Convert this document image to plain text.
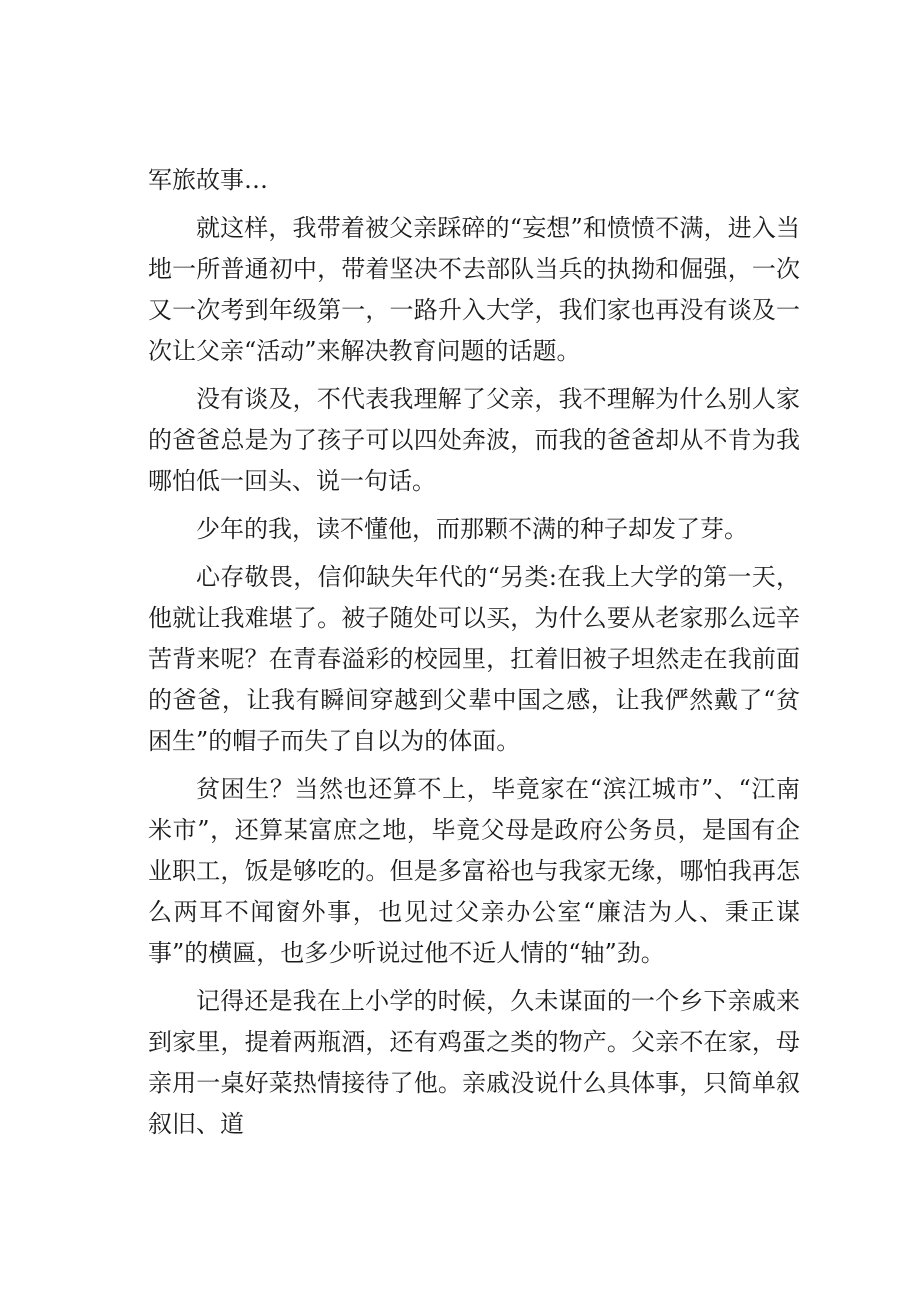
军旅故事…

就这样，我带着被父亲踩碎的“妄想”和愤愤不满，进入当地一所普通初中，带着坚决不去部队当兵的执拗和倔强，一次又一次考到年级第一，一路升入大学，我们家也再没有谈及一次让父亲“活动”来解决教育问题的话题。

没有谈及，不代表我理解了父亲，我不理解为什么别人家的爸爸总是为了孩子可以四处奔波，而我的爸爸却从不肯为我哪怕低一回头、说一句话。

少年的我，读不懂他，而那颗不满的种子却发了芽。

心存敬畏，信仰缺失年代的“另类:在我上大学的第一天，他就让我难堪了。被子随处可以买，为什么要从老家那么远辛苦背来呢？在青春溢彩的校园里，扛着旧被子坦然走在我前面的爸爸，让我有瞬间穿越到父辈中国之感，让我俨然戴了“贫困生”的帽子而失了自以为的体面。

贫困生？当然也还算不上，毕竟家在“滨江城市”、“江南米市”，还算某富庶之地，毕竟父母是政府公务员，是国有企业职工，饭是够吃的。但是多富裕也与我家无缘，哪怕我再怎么两耳不闻窗外事，也见过父亲办公室“廉洁为人、秉正谋事”的横匾，也多少听说过他不近人情的“轴”劲。

记得还是我在上小学的时候，久未谋面的一个乡下亲戚来到家里，提着两瓶酒，还有鸡蛋之类的物产。父亲不在家，母亲用一桌好菜热情接待了他。亲戚没说什么具体事，只简单叙叙旧、道
